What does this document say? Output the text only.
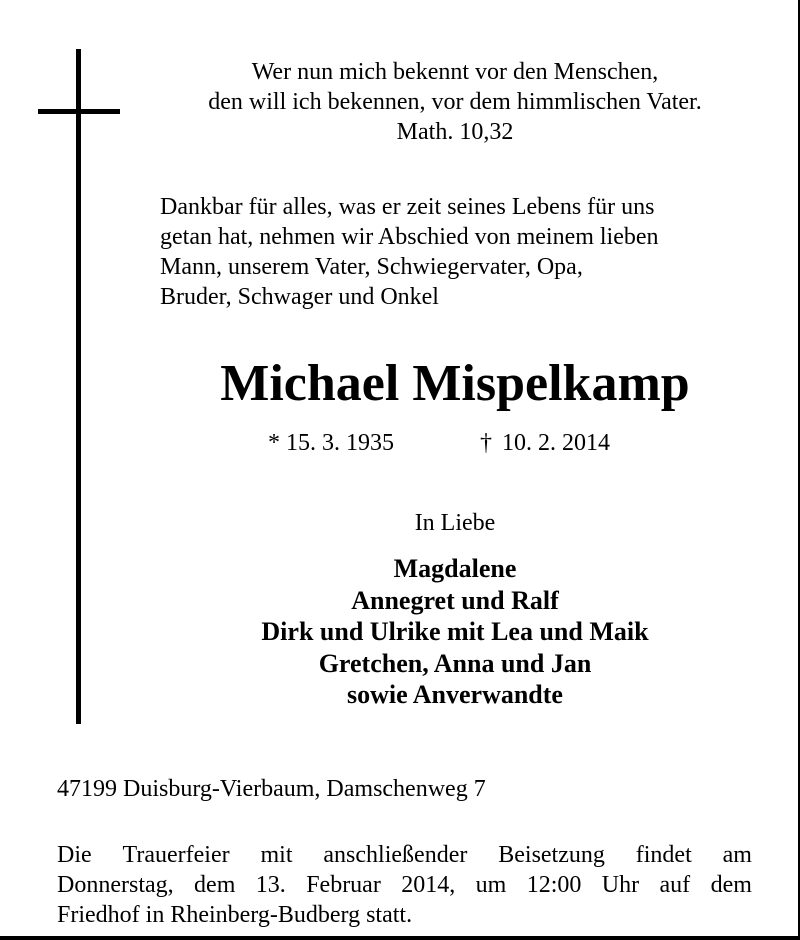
Wer nun mich bekennt vor den Menschen,
den will ich bekennen, vor dem himmlischen Vater.
Math. 10,32
Dankbar für alles, was er zeit seines Lebens für uns
getan hat, nehmen wir Abschied von meinem lieben
Mann, unserem Vater, Schwiegervater, Opa,
Bruder, Schwager und Onkel
Michael Mispelkamp
* 15. 3. 1935	† 10. 2. 2014
In Liebe
Magdalene
Annegret und Ralf
Dirk und Ulrike mit Lea und Maik
Gretchen, Anna und Jan
sowie Anverwandte
47199 Duisburg-Vierbaum, Damschenweg 7
Die Trauerfeier mit anschließender Beisetzung findet am
Donnerstag, dem 13. Februar 2014, um 12:00 Uhr auf dem
Friedhof in Rheinberg-Budberg statt.
